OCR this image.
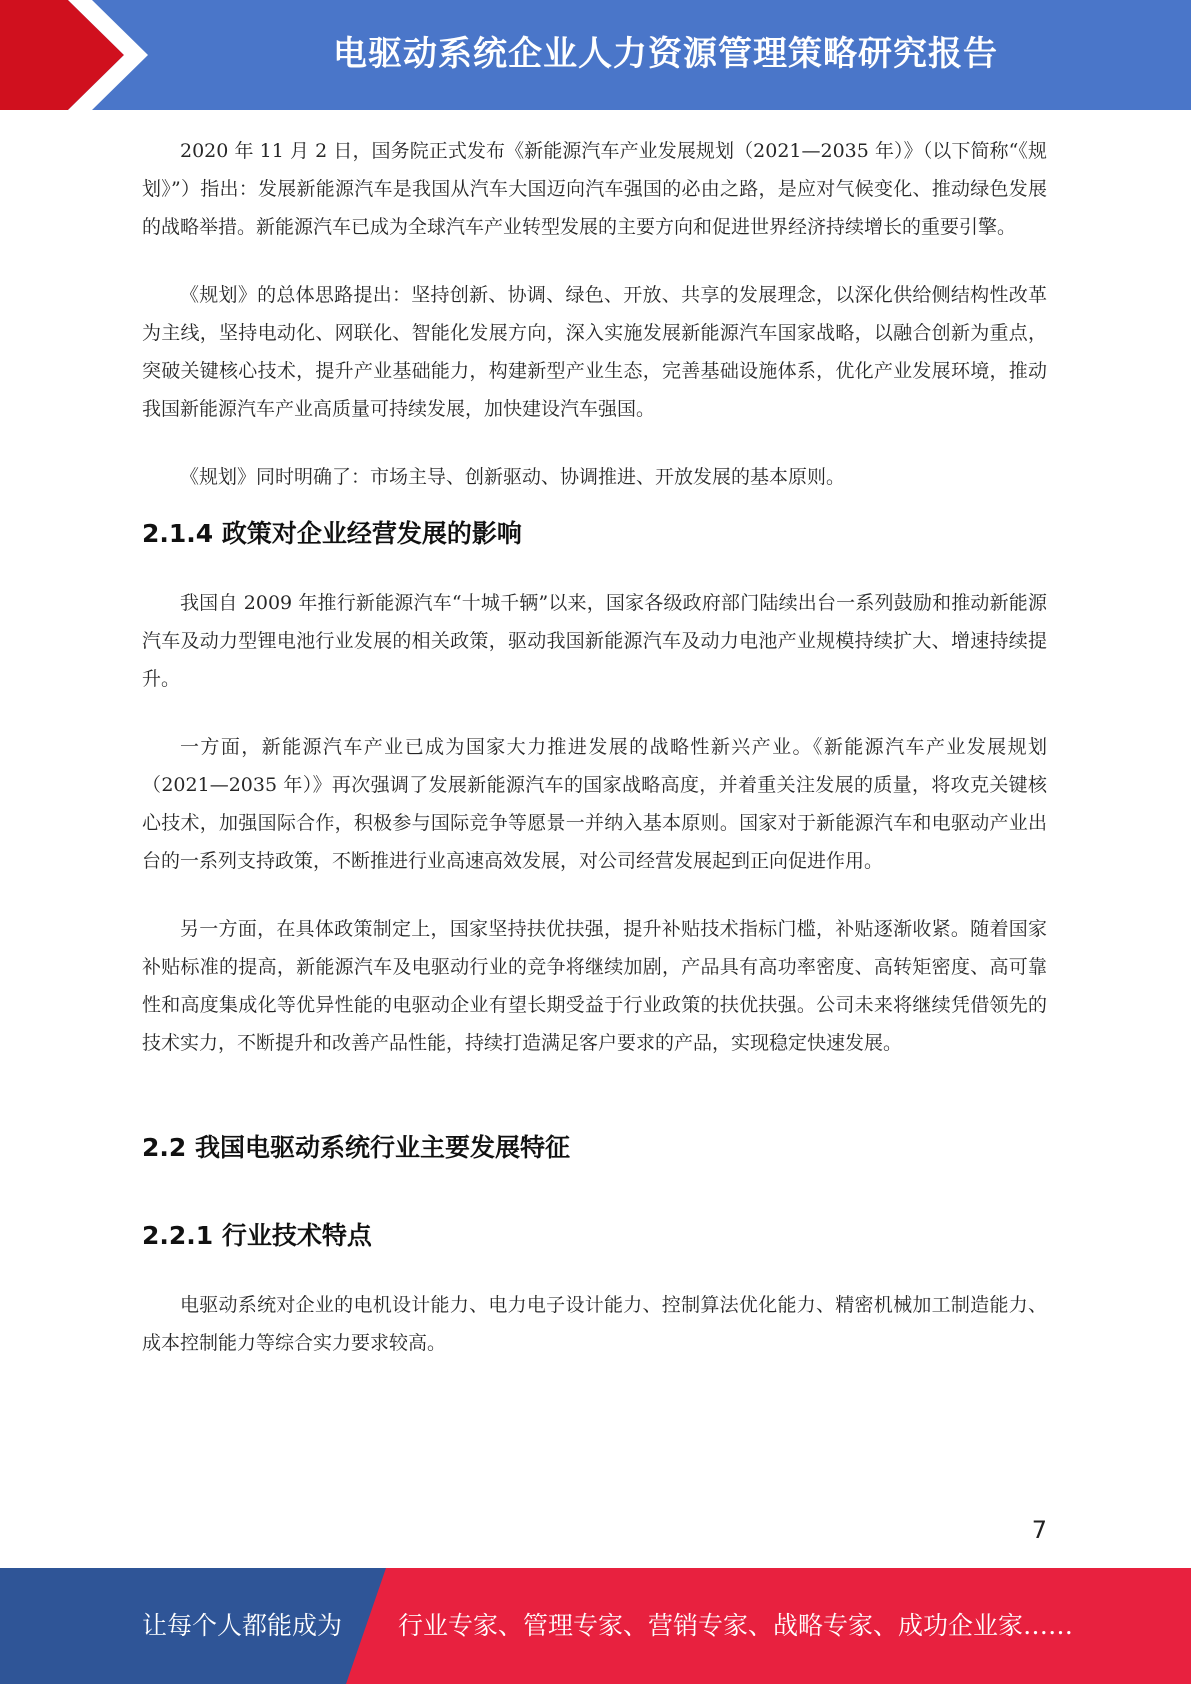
电驱动系统企业人力资源管理策略研究报告

2020 年 11 月 2 日，国务院正式发布《新能源汽车产业发展规划（2021—2035 年）》（以下简称“《规划》”）指出：发展新能源汽车是我国从汽车大国迈向汽车强国的必由之路，是应对气候变化、推动绿色发展的战略举措。新能源汽车已成为全球汽车产业转型发展的主要方向和促进世界经济持续增长的重要引擎。

《规划》的总体思路提出：坚持创新、协调、绿色、开放、共享的发展理念，以深化供给侧结构性改革为主线，坚持电动化、网联化、智能化发展方向，深入实施发展新能源汽车国家战略，以融合创新为重点，突破关键核心技术，提升产业基础能力，构建新型产业生态，完善基础设施体系，优化产业发展环境，推动我国新能源汽车产业高质量可持续发展，加快建设汽车强国。

《规划》同时明确了：市场主导、创新驱动、协调推进、开放发展的基本原则。

2.1.4 政策对企业经营发展的影响

我国自 2009 年推行新能源汽车“十城千辆”以来，国家各级政府部门陆续出台一系列鼓励和推动新能源汽车及动力型锂电池行业发展的相关政策，驱动我国新能源汽车及动力电池产业规模持续扩大、增速持续提升。

一方面，新能源汽车产业已成为国家大力推进发展的战略性新兴产业。《新能源汽车产业发展规划（2021—2035 年）》再次强调了发展新能源汽车的国家战略高度，并着重关注发展的质量，将攻克关键核心技术，加强国际合作，积极参与国际竞争等愿景一并纳入基本原则。国家对于新能源汽车和电驱动产业出台的一系列支持政策，不断推进行业高速高效发展，对公司经营发展起到正向促进作用。

另一方面，在具体政策制定上，国家坚持扶优扶强，提升补贴技术指标门槛，补贴逐渐收紧。随着国家补贴标准的提高，新能源汽车及电驱动行业的竞争将继续加剧，产品具有高功率密度、高转矩密度、高可靠性和高度集成化等优异性能的电驱动企业有望长期受益于行业政策的扶优扶强。公司未来将继续凭借领先的技术实力，不断提升和改善产品性能，持续打造满足客户要求的产品，实现稳定快速发展。

2.2 我国电驱动系统行业主要发展特征
2.2.1 行业技术特点

电驱动系统对企业的电机设计能力、电力电子设计能力、控制算法优化能力、精密机械加工制造能力、成本控制能力等综合实力要求较高。

7
让每个人都能成为 行业专家、管理专家、营销专家、战略专家、成功企业家……
